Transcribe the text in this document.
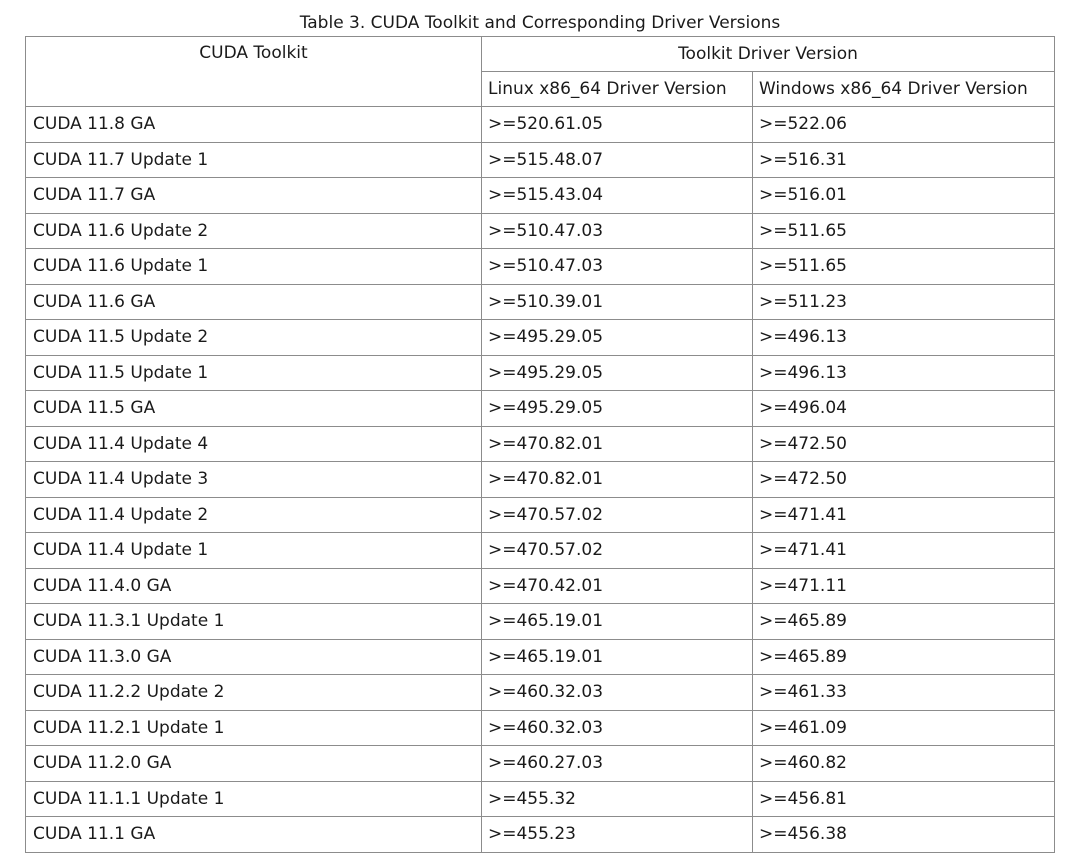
Table 3. CUDA Toolkit and Corresponding Driver Versions
CUDA Toolkit	Toolkit Driver Version	
	Linux x86_64 Driver Version	Windows x86_64 Driver Version
CUDA 11.8 GA	>=520.61.05	>=522.06
CUDA 11.7 Update 1	>=515.48.07	>=516.31
CUDA 11.7 GA	>=515.43.04	>=516.01
CUDA 11.6 Update 2	>=510.47.03	>=511.65
CUDA 11.6 Update 1	>=510.47.03	>=511.65
CUDA 11.6 GA	>=510.39.01	>=511.23
CUDA 11.5 Update 2	>=495.29.05	>=496.13
CUDA 11.5 Update 1	>=495.29.05	>=496.13
CUDA 11.5 GA	>=495.29.05	>=496.04
CUDA 11.4 Update 4	>=470.82.01	>=472.50
CUDA 11.4 Update 3	>=470.82.01	>=472.50
CUDA 11.4 Update 2	>=470.57.02	>=471.41
CUDA 11.4 Update 1	>=470.57.02	>=471.41
CUDA 11.4.0 GA	>=470.42.01	>=471.11
CUDA 11.3.1 Update 1	>=465.19.01	>=465.89
CUDA 11.3.0 GA	>=465.19.01	>=465.89
CUDA 11.2.2 Update 2	>=460.32.03	>=461.33
CUDA 11.2.1 Update 1	>=460.32.03	>=461.09
CUDA 11.2.0 GA	>=460.27.03	>=460.82
CUDA 11.1.1 Update 1	>=455.32	>=456.81
CUDA 11.1 GA	>=455.23	>=456.38
